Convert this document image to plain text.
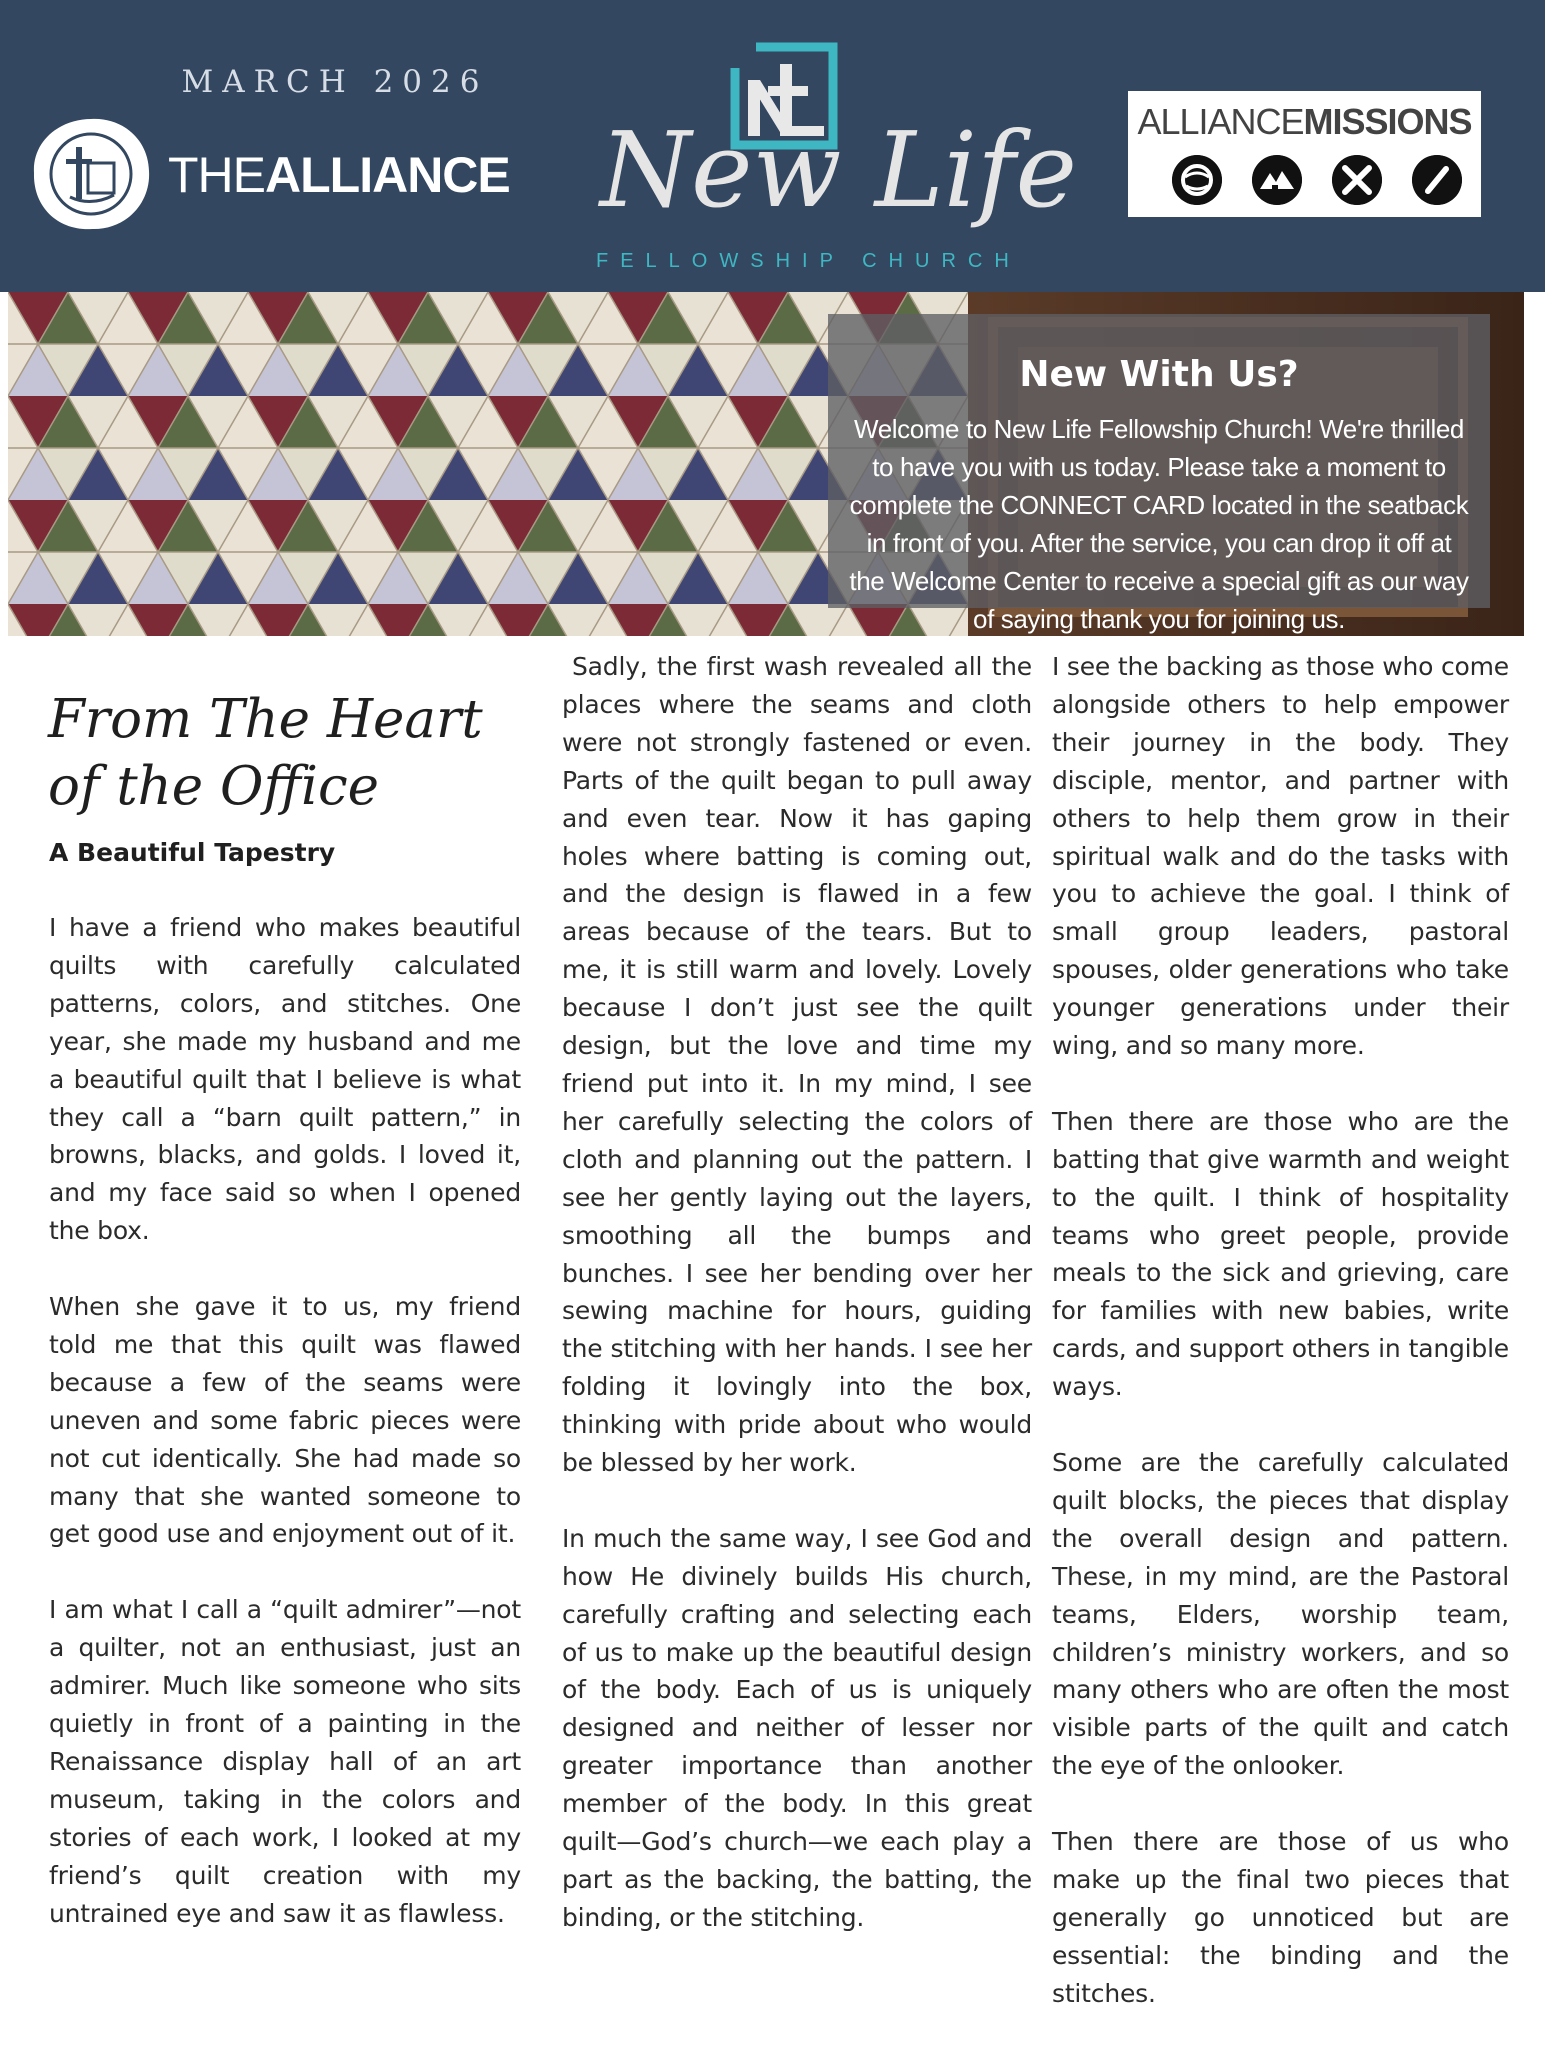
MARCH 2026
THEALLIANCE New Life
FELLOWSHIP CHURCH
ALLIANCEMISSIONS
New With Us?
Welcome to New Life Fellowship Church! We're thrilled to have you with us today. Please take a moment to complete the CONNECT CARD located in the seatback in front of you. After the service, you can drop it off at the Welcome Center to receive a special gift as our way of saying thank you for joining us.
From The Heart
of the Office
A Beautiful Tapestry

I have a friend who makes beautiful quilts with carefully calculated patterns, colors, and stitches. One year, she made my husband and me a beautiful quilt that I believe is what they call a “barn quilt pattern,” in browns, blacks, and golds. I loved it, and my face said so when I opened the box.

When she gave it to us, my friend told me that this quilt was flawed because a few of the seams were uneven and some fabric pieces were not cut identically. She had made so many that she wanted someone to get good use and enjoyment out of it.

I am what I call a “quilt admirer”—not a quilter, not an enthusiast, just an admirer. Much like someone who sits quietly in front of a painting in the Renaissance display hall of an art museum, taking in the colors and stories of each work, I looked at my friend’s quilt creation with my untrained eye and saw it as flawless.

Sadly, the first wash revealed all the places where the seams and cloth were not strongly fastened or even. Parts of the quilt began to pull away and even tear. Now it has gaping holes where batting is coming out, and the design is flawed in a few areas because of the tears. But to me, it is still warm and lovely. Lovely because I don’t just see the quilt design, but the love and time my friend put into it. In my mind, I see her carefully selecting the colors of cloth and planning out the pattern. I see her gently laying out the layers, smoothing all the bumps and bunches. I see her bending over her sewing machine for hours, guiding the stitching with her hands. I see her folding it lovingly into the box, thinking with pride about who would be blessed by her work.

In much the same way, I see God and how He divinely builds His church, carefully crafting and selecting each of us to make up the beautiful design of the body. Each of us is uniquely designed and neither of lesser nor greater importance than another member of the body. In this great quilt—God’s church—we each play a part as the backing, the batting, the binding, or the stitching.

I see the backing as those who come alongside others to help empower their journey in the body. They disciple, mentor, and partner with others to help them grow in their spiritual walk and do the tasks with you to achieve the goal. I think of small group leaders, pastoral spouses, older generations who take younger generations under their wing, and so many more.

Then there are those who are the batting that give warmth and weight to the quilt. I think of hospitality teams who greet people, provide meals to the sick and grieving, care for families with new babies, write cards, and support others in tangible ways.

Some are the carefully calculated quilt blocks, the pieces that display the overall design and pattern. These, in my mind, are the Pastoral teams, Elders, worship team, children’s ministry workers, and so many others who are often the most visible parts of the quilt and catch the eye of the onlooker.

Then there are those of us who make up the final two pieces that generally go unnoticed but are essential: the binding and the stitches.
